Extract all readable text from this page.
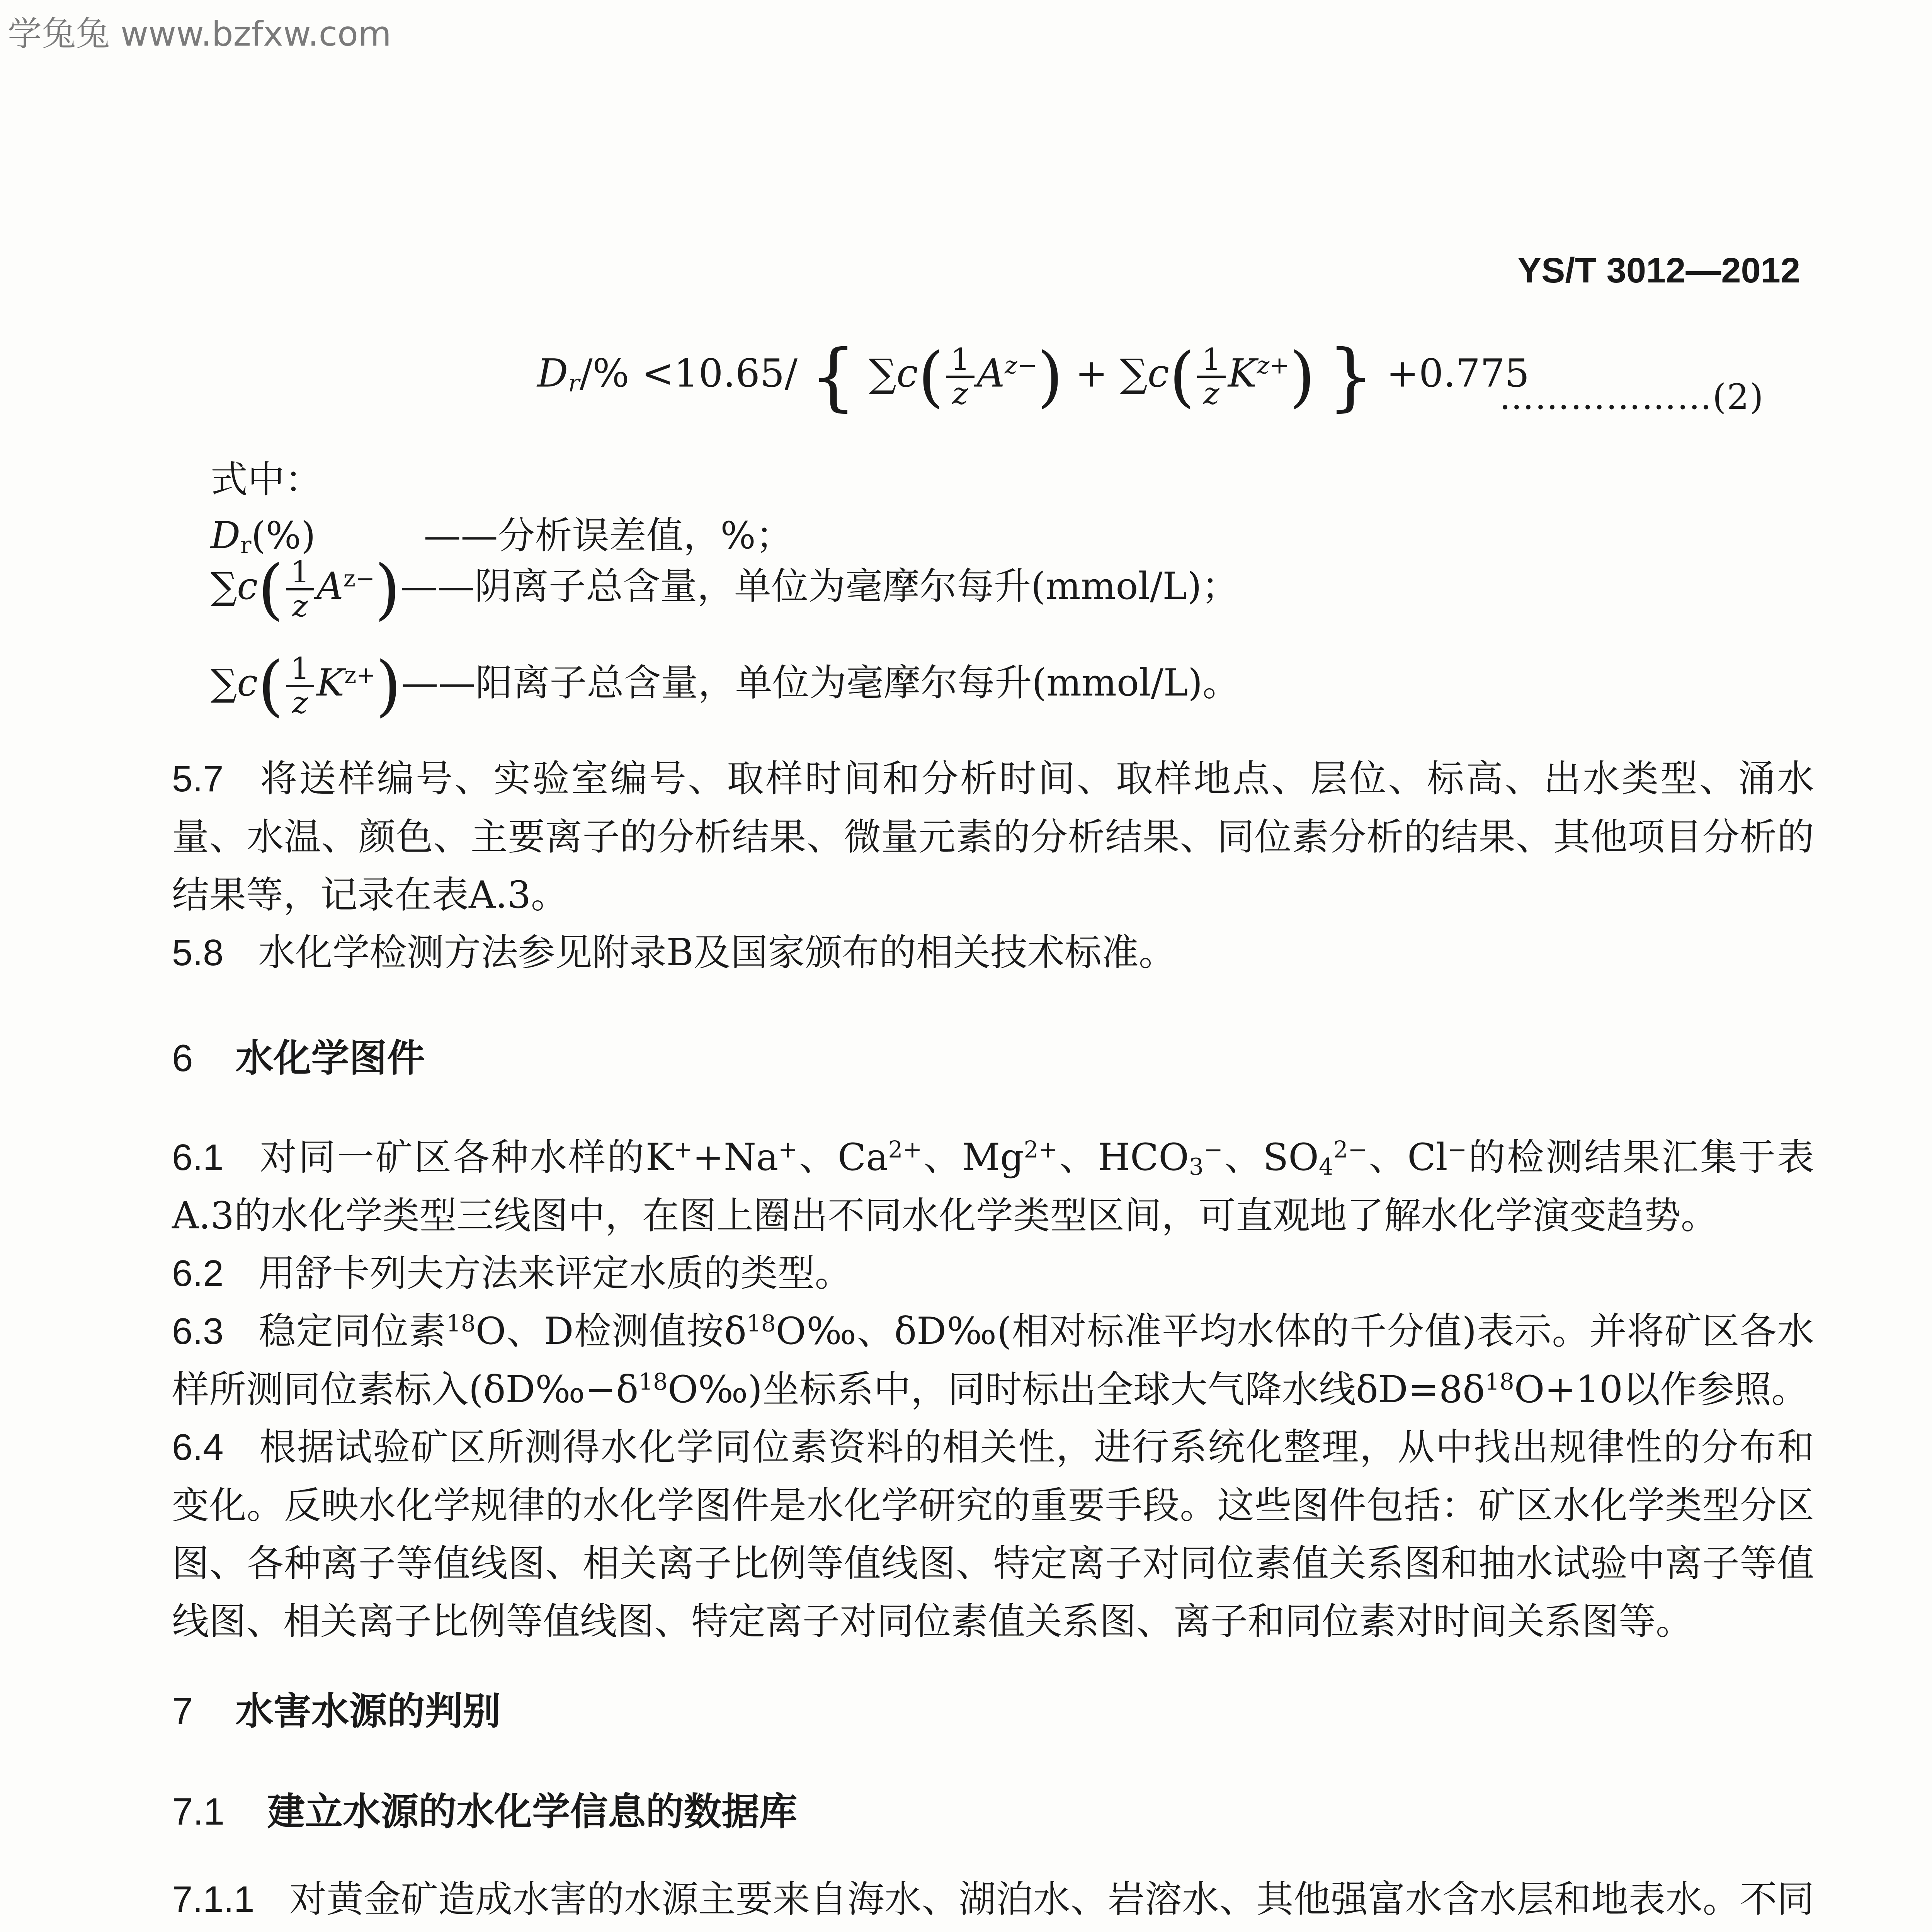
学兔兔 www.bzfxw.com
YS/T 3012—2012
$D_r/\% <10.65/$ { $\sum c( \frac{1}{z} A^{z-}) + \sum c( \frac{1}{z} K^{z+})$ } +0.775
………………(2)
式中：
$D_r(\%)$	——分析误差值，%；
$\sum c( \frac{1}{z}$ $A^{z-})——$阴离子总含量，单位为毫摩尔每升(mmol/L)；
$\sum c( \frac{1}{z}$ $K^{z+})——$阳离子总含量，单位为毫摩尔每升(mmol/L)。
5.7 将送样编号、实验室编号、取样时间和分析时间、取样地点、层位、标高、出水类型、涌水量、水温、颜色、主要离子的分析结果、微量元素的分析结果、同位素分析的结果、其他项目分析的结果等，记录在表A.3。
5.8 水化学检测方法参见附录B及国家颁布的相关技术标准。
6 水化学图件
6.1 对同一矿区各种水样的K++Na+、$Ca^{2+}$、$Mg^{2+}$、$HCO_3^-$、$SO_4^{2-}$、Cl−的检测结果汇集于表A.3的水化学类型三线图中，在图上圈出不同水化学类型区间，可直观地了解水化学演变趋势。
6.2 用舒卡列夫方法来评定水质的类型。
6.3 稳定同位素$^{18}$O、D检测值按$\delta^{18}O‰$、δD‰(相对标准平均水体的千分值)表示。并将矿区各水样所测同位素标入$(\delta D‰-\delta^{18}O‰)$坐标系中，同时标出全球大气降水线$\delta D=8\delta^{18}O+10$以作参照。
6.4 根据试验矿区所测得水化学同位素资料的相关性，进行系统化整理，从中找出规律性的分布和变化。反映水化学规律的水化学图件是水化学研究的重要手段。这些图件包括：矿区水化学类型分区图、各种离子等值线图、相关离子比例等值线图、特定离子对同位素值关系图和抽水试验中离子等值线图、相关离子比例等值线图、特定离子对同位素值关系图、离子和同位素对时间关系图等。
7 水害水源的判别
7.1 建立水源的水化学信息的数据库
7.1.1 对黄金矿造成水害的水源主要来自海水、湖泊水、岩溶水、其他强富水含水层和地表水。不同
